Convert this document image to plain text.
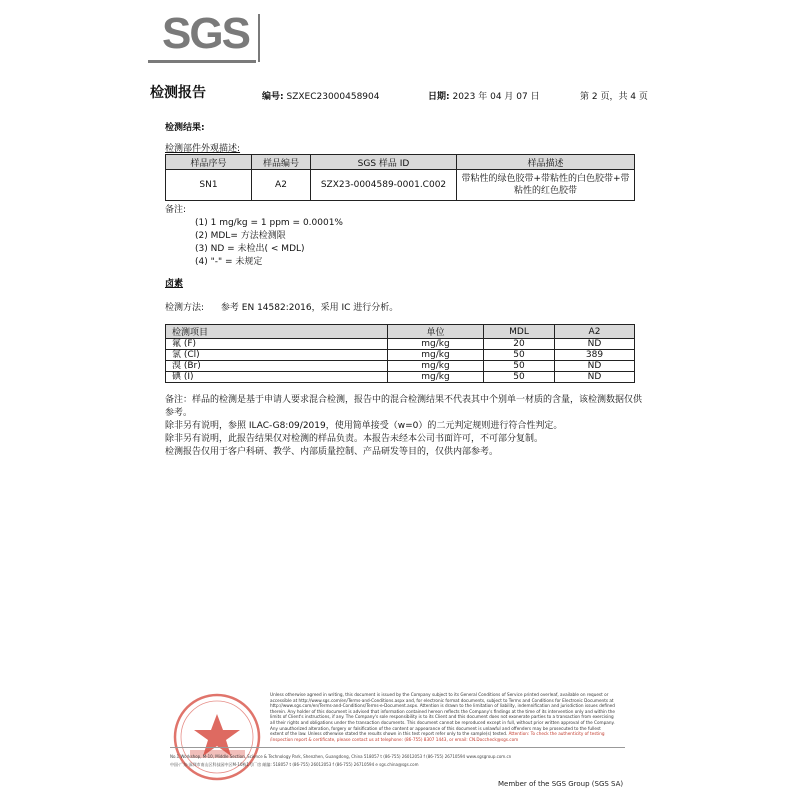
SGS
检测报告	编号: SZXEC23000458904	日期: 2023 年 04 月 07 日	第 2 页，共 4 页
检测结果:
检测部件外观描述:
样品序号	样品编号	SGS 样品 ID	样品描述
SN1	A2	SZX23-0004589-0001.C002	带粘性的绿色胶带+带粘性的白色胶带+带粘性的红色胶带
备注:
(1) 1 mg/kg = 1 ppm = 0.0001%
(2) MDL= 方法检测限
(3) ND = 未检出( < MDL)
(4) "-" = 未规定
卤素
检测方法: 参考 EN 14582:2016，采用 IC 进行分析。
检测项目	单位	MDL	A2
氟 (F)	mg/kg	20	ND
氯 (Cl)	mg/kg	50	389
溴 (Br)	mg/kg	50	ND
碘 (I)	mg/kg	50	ND
备注：样品的检测是基于申请人要求混合检测，报告中的混合检测结果不代表其中个别单一材质的含量，该检测数据仅供参考。
除非另有说明，参照 ILAC-G8:09/2019，使用简单接受（w=0）的二元判定规则进行符合性判定。
除非另有说明，此报告结果仅对检测的样品负责。本报告未经本公司书面许可，不可部分复制。
检测报告仅用于客户科研、教学、内部质量控制、产品研发等目的，仅供内部参考。
Unless otherwise agreed in writing, this document is issued by the Company subject to its General Conditions of Service printed overleaf, available on request or accessible at http://www.sgs.com/en/Terms-and-Conditions.aspx and, for electronic format documents, subject to Terms and Conditions for Electronic Documents at http://www.sgs.com/en/Terms-and-Conditions/Terms-e-Document.aspx. Attention is drawn to the limitation of liability, indemnification and jurisdiction issues defined therein. Any holder of this document is advised that information contained hereon reflects the Company's findings at the time of its intervention only and within the limits of Client's instructions, if any. The Company's sole responsibility is to its Client and this document does not exonerate parties to a transaction from exercising all their rights and obligations under the transaction documents. This document cannot be reproduced except in full, without prior written approval of the Company. Any unauthorized alteration, forgery or falsification of the content or appearance of this document is unlawful and offenders may be prosecuted to the fullest extent of the law. Unless otherwise stated the results shown in this test report refer only to the sample(s) tested. Attention: To check the authenticity of testing /inspection report & certificate, please contact us at telephone: (86-755) 8307 1443, or email: CN.Doccheck@sgs.com
No.1 Workshop, M-10, Middle Section, Science & Technology Park, Shenzhen, Guangdong, China 518057 t (86-755) 26012053 f (86-755) 26710594 www.sgsgroup.com.cn
中国·广东·深圳市南山区科技园中区M-10栋1号厂房 邮编: 518057 t (86-755) 26012053 f (86-755) 26710594 e sgs.china@sgs.com
Member of the SGS Group (SGS SA)
